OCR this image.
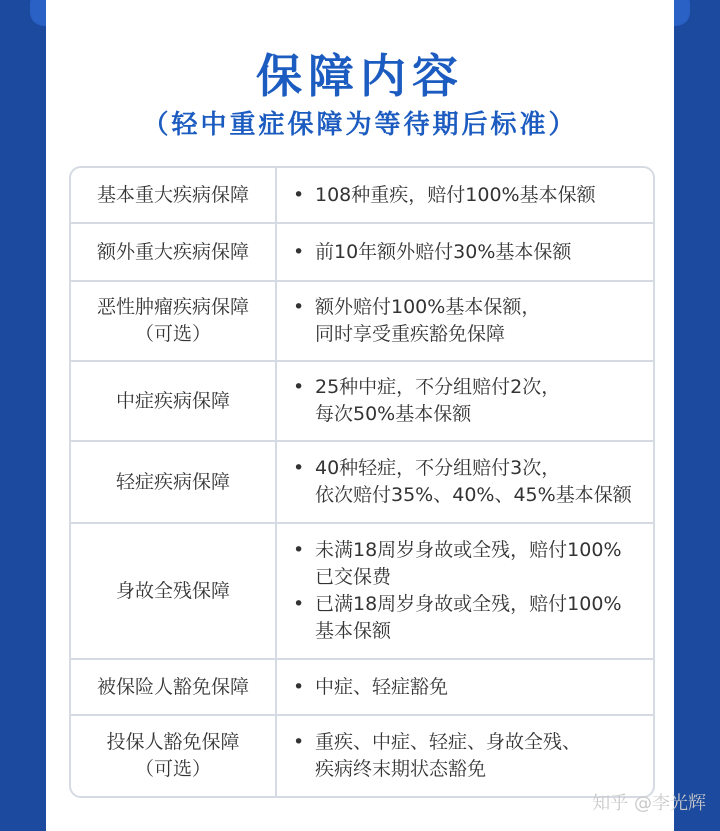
保障内容
（轻中重症保障为等待期后标准）
基本重大疾病保障 • 108种重疾，赔付100%基本保额
额外重大疾病保障 • 前10年额外赔付30%基本保额
恶性肿瘤疾病保障
（可选）
• 额外赔付100%基本保额，
同时享受重疾豁免保障
中症疾病保障
• 25种中症，不分组赔付2次，
每次50%基本保额
轻症疾病保障
• 40种轻症，不分组赔付3次，
依次赔付35%、40%、45%基本保额
身故全残保障
• 未满18周岁身故或全残，赔付100%
已交保费
• 已满18周岁身故或全残，赔付100%
基本保额
被保险人豁免保障 • 中症、轻症豁免
投保人豁免保障
（可选）
• 重疾、中症、轻症、身故全残、
疾病终末期状态豁免
知乎 @李光辉
